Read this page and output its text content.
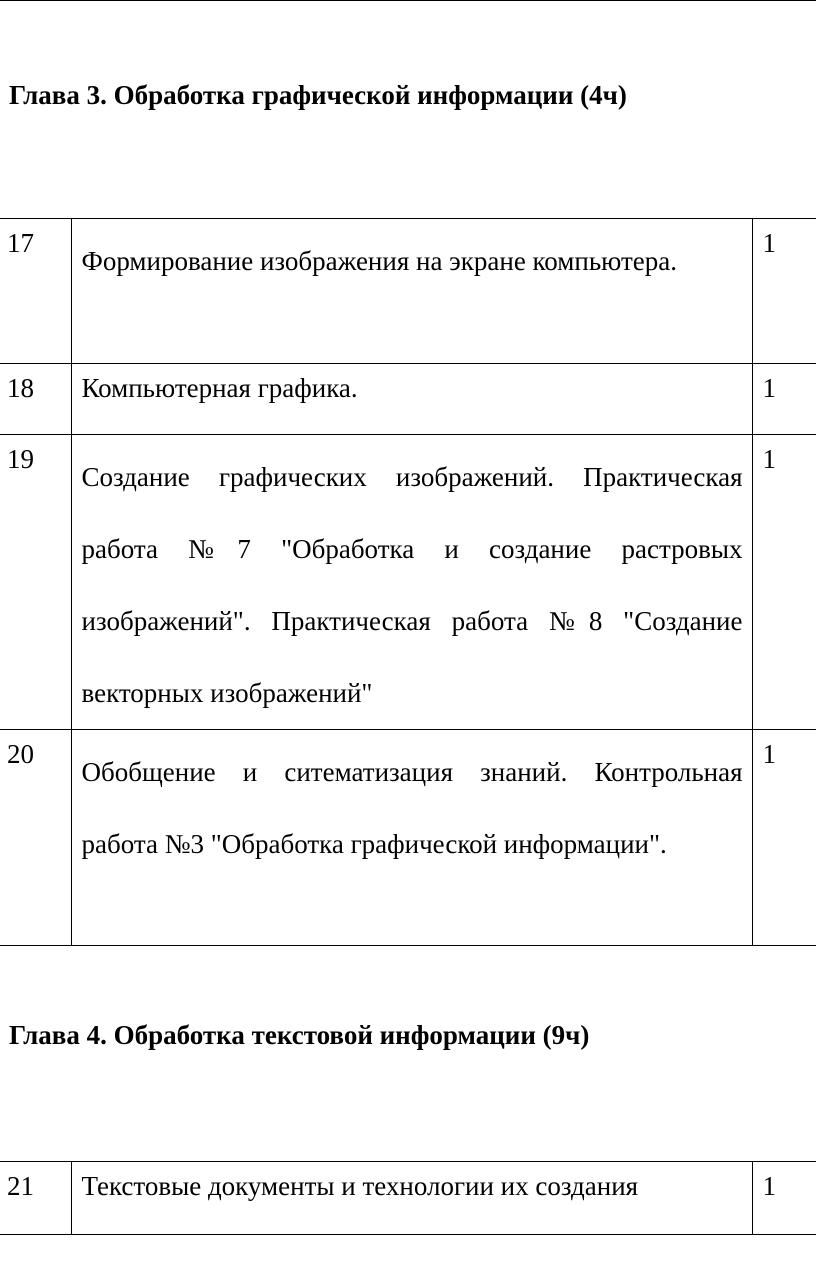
Глава 3. Обработка графической информации (4ч)
17	Формирование изображения на экране компьютера.	1
18	Компьютерная графика.	1
19	Создание графических изображений. Практическая работа №7 "Обработка и создание растровых изображений". Практическая работа №8 "Создание векторных изображений"	1
20	Обобщение и ситематизация знаний. Контрольная работа №3 "Обработка графической информации".	1
Глава 4. Обработка текстовой информации (9ч)
21	Текстовые документы и технологии их создания	1
